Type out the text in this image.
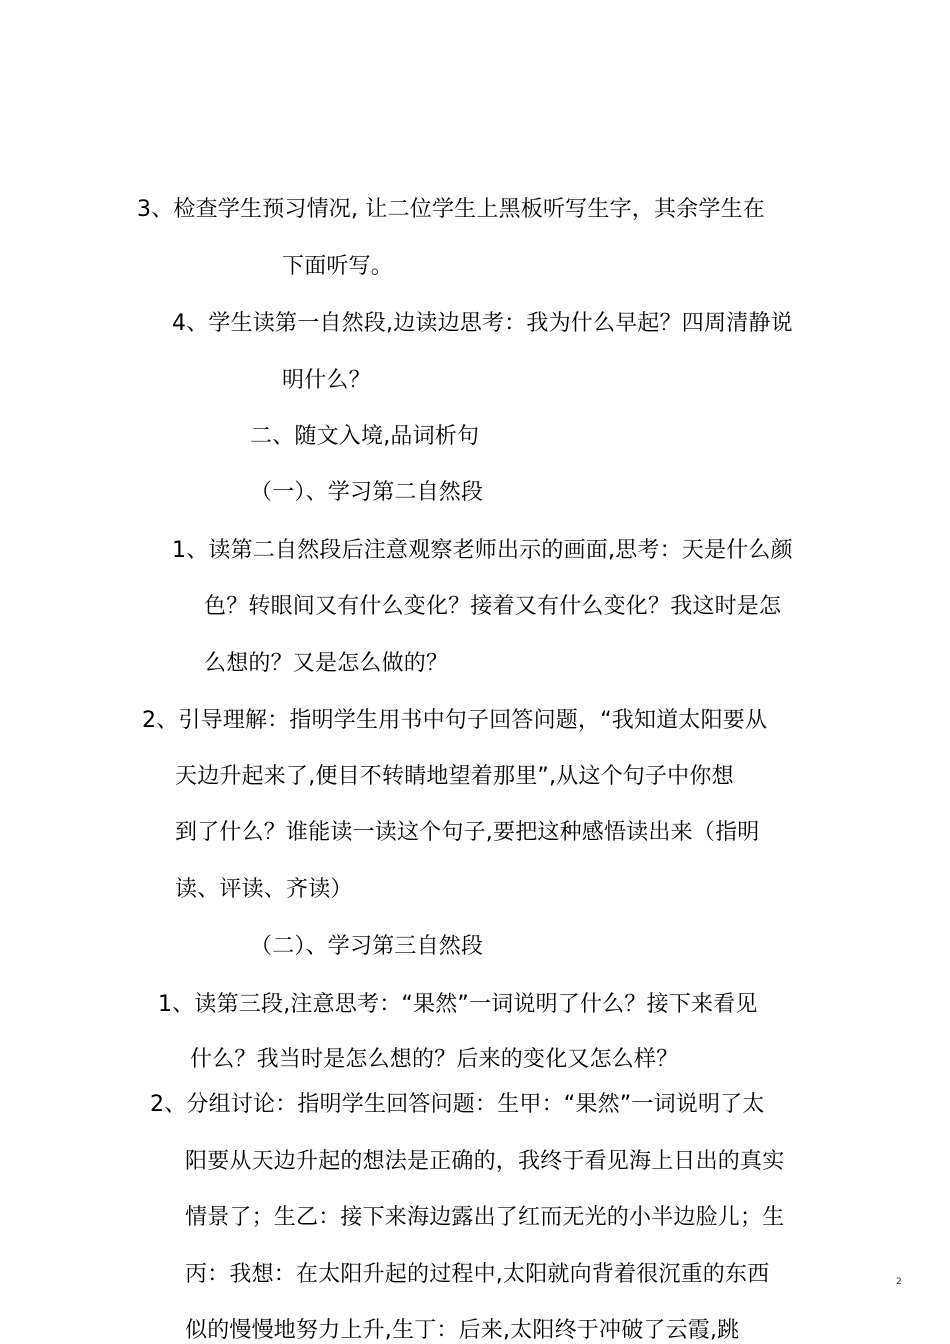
3、检查学生预习情况, 让二位学生上黑板听写生字，其余学生在
下面听写。
4、学生读第一自然段,边读边思考：我为什么早起？四周清静说
明什么？
二、随文入境,品词析句
（一）、学习第二自然段
1、读第二自然段后注意观察老师出示的画面,思考：天是什么颜
色？转眼间又有什么变化？接着又有什么变化？我这时是怎
么想的？又是怎么做的？
2、引导理解：指明学生用书中句子回答问题，“我知道太阳要从
天边升起来了,便目不转睛地望着那里”,从这个句子中你想
到了什么？谁能读一读这个句子,要把这种感悟读出来（指明
读、评读、齐读）
（二）、学习第三自然段
1、读第三段,注意思考：“果然”一词说明了什么？接下来看见
什么？我当时是怎么想的？后来的变化又怎么样？
2、分组讨论：指明学生回答问题：生甲：“果然”一词说明了太
阳要从天边升起的想法是正确的，我终于看见海上日出的真实
情景了；生乙：接下来海边露出了红而无光的小半边脸儿；生
丙：我想：在太阳升起的过程中,太阳就向背着很沉重的东西
似的慢慢地努力上升,生丁：后来,太阳终于冲破了云霞,跳
2
